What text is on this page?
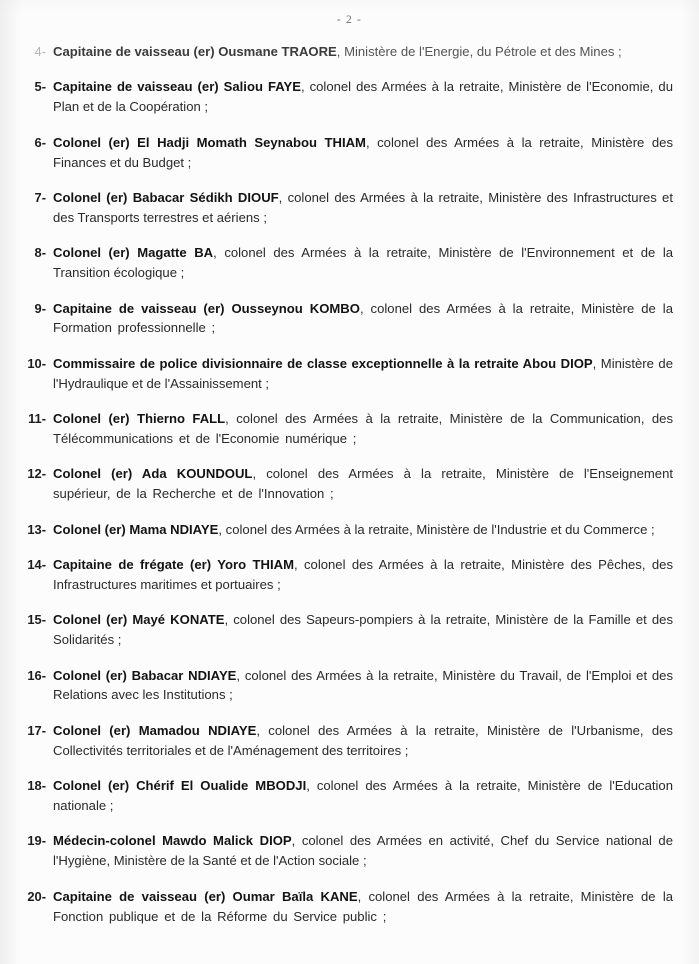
- 2 -
4- Capitaine de vaisseau (er) Ousmane TRAORE, Ministère de l'Energie, du Pétrole et des Mines ;
5- Capitaine de vaisseau (er) Saliou FAYE, colonel des Armées à la retraite, Ministère de l'Economie, du Plan et de la Coopération ;
6- Colonel (er) El Hadji Momath Seynabou THIAM, colonel des Armées à la retraite, Ministère des Finances et du Budget ;
7- Colonel (er) Babacar Sédikh DIOUF, colonel des Armées à la retraite, Ministère des Infrastructures et des Transports terrestres et aériens ;
8- Colonel (er) Magatte BA, colonel des Armées à la retraite, Ministère de l'Environnement et de la Transition écologique ;
9- Capitaine de vaisseau (er) Ousseynou KOMBO, colonel des Armées à la retraite, Ministère de la Formation professionnelle ;
10- Commissaire de police divisionnaire de classe exceptionnelle à la retraite Abou DIOP, Ministère de l'Hydraulique et de l'Assainissement ;
11- Colonel (er) Thierno FALL, colonel des Armées à la retraite, Ministère de la Communication, des Télécommunications et de l'Economie numérique ;
12- Colonel (er) Ada KOUNDOUL, colonel des Armées à la retraite, Ministère de l'Enseignement supérieur, de la Recherche et de l'Innovation ;
13- Colonel (er) Mama NDIAYE, colonel des Armées à la retraite, Ministère de l'Industrie et du Commerce ;
14- Capitaine de frégate (er) Yoro THIAM, colonel des Armées à la retraite, Ministère des Pêches, des Infrastructures maritimes et portuaires ;
15- Colonel (er) Mayé KONATE, colonel des Sapeurs-pompiers à la retraite, Ministère de la Famille et des Solidarités ;
16- Colonel (er) Babacar NDIAYE, colonel des Armées à la retraite, Ministère du Travail, de l'Emploi et des Relations avec les Institutions ;
17- Colonel (er) Mamadou NDIAYE, colonel des Armées à la retraite, Ministère de l'Urbanisme, des Collectivités territoriales et de l'Aménagement des territoires ;
18- Colonel (er) Chérif El Oualide MBODJI, colonel des Armées à la retraite, Ministère de l'Education nationale ;
19- Médecin-colonel Mawdo Malick DIOP, colonel des Armées en activité, Chef du Service national de l'Hygiène, Ministère de la Santé et de l'Action sociale ;
20- Capitaine de vaisseau (er) Oumar Baïla KANE, colonel des Armées à la retraite, Ministère de la Fonction publique et de la Réforme du Service public ;
